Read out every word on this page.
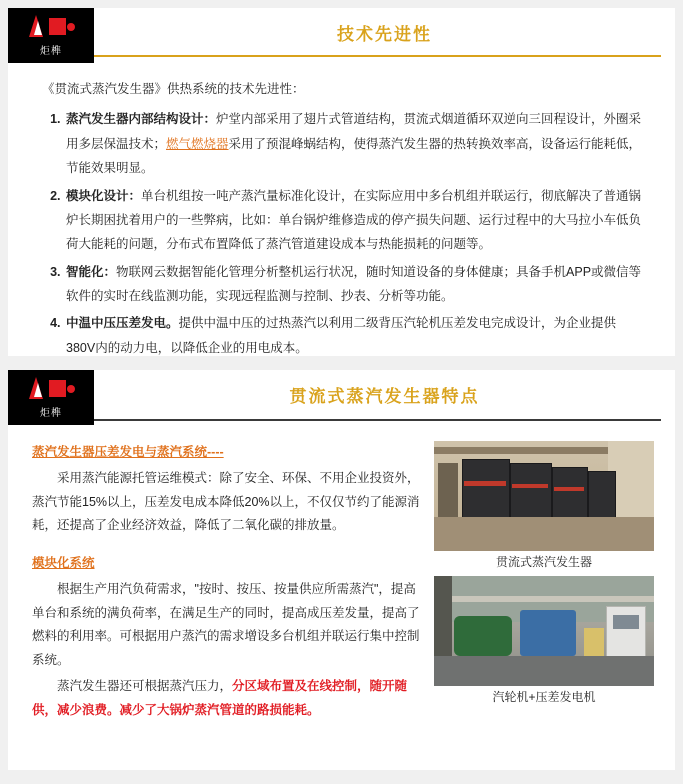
炬榫
技术先进性

《贯流式蒸汽发生器》供热系统的技术先进性：

1. 蒸汽发生器内部结构设计：炉堂内部采用了翅片式管道结构，贯流式烟道循环双逆向三回程设计，外圈采用多层保温技术；燃气燃烧器采用了预混峰蜗结构，使得蒸汽发生器的热转换效率高，设备运行能耗低，节能效果明显。
2. 模块化设计：单台机组按一吨产蒸汽量标准化设计，在实际应用中多台机组并联运行，彻底解决了普通锅炉长期困扰着用户的一些弊病，比如：单台锅炉维修造成的停产损失问题、运行过程中的大马拉小车低负荷大能耗的问题，分布式布置降低了蒸汽管道建设成本与热能损耗的问题等。
3. 智能化：物联网云数据智能化管理分析整机运行状况，随时知道设备的身体健康；具备手机APP或微信等软件的实时在线监测功能，实现远程监测与控制、抄表、分析等功能。
4. 中温中压压差发电。提供中温中压的过热蒸汽以利用二级背压汽轮机压差发电完成设计，为企业提供380V内的动力电，以降低企业的用电成本。
炬榫
贯流式蒸汽发生器特点
蒸汽发生器压差发电与蒸汽系统----

采用蒸汽能源托管运维模式：除了安全、环保、不用企业投资外，蒸汽节能15%以上，压差发电成本降低20%以上，不仅仅节约了能源消耗，还提高了企业经济效益，降低了二氧化碳的排放量。

模块化系统

根据生产用汽负荷需求，"按时、按压、按量供应所需蒸汽"，提高单台和系统的满负荷率，在满足生产的同时，提高成压差发量，提高了燃料的利用率。可根据用户蒸汽的需求增设多台机组并联运行集中控制系统。

蒸汽发生器还可根据蒸汽压力，分区域布置及在线控制，随开随供，减少浪费。减少了大锅炉蒸汽管道的路损能耗。

贯流式蒸汽发生器
汽轮机+压差发电机
